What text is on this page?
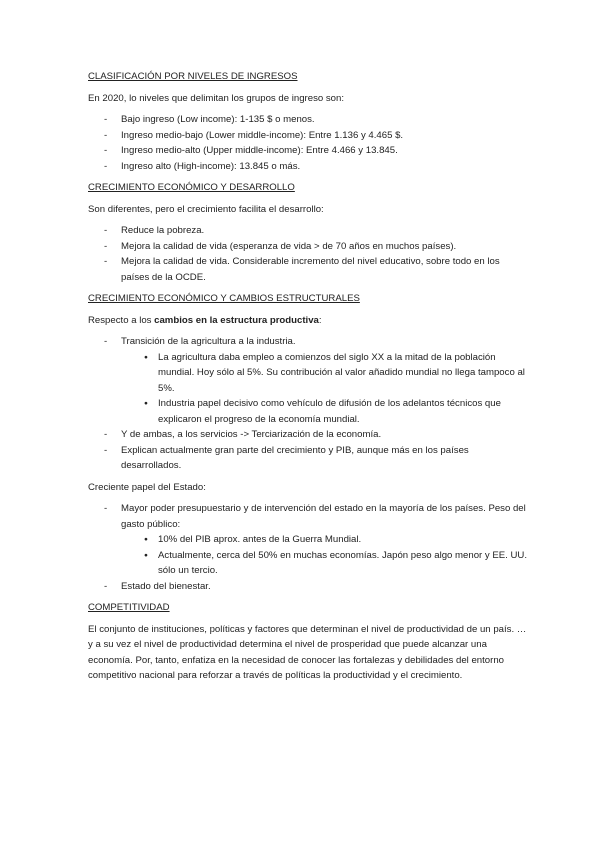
CLASIFICACIÓN POR NIVELES DE INGRESOS

En 2020, lo niveles que delimitan los grupos de ingreso son:

- Bajo ingreso (Low income): 1-135 $ o menos.
- Ingreso medio-bajo (Lower middle-income): Entre 1.136 y 4.465 $.
- Ingreso medio-alto (Upper middle-income): Entre 4.466 y 13.845.
- Ingreso alto (High-income): 13.845 o más.
CRECIMIENTO ECONÓMICO Y DESARROLLO

Son diferentes, pero el crecimiento facilita el desarrollo:

- Reduce la pobreza.
- Mejora la calidad de vida (esperanza de vida > de 70 años en muchos países).
- Mejora la calidad de vida. Considerable incremento del nivel educativo, sobre todo en los países de la OCDE.
CRECIMIENTO ECONÓMICO Y CAMBIOS ESTRUCTURALES

Respecto a los cambios en la estructura productiva:

- Transición de la agricultura a la industria.
● La agricultura daba empleo a comienzos del siglo XX a la mitad de la población mundial. Hoy sólo al 5%. Su contribución al valor añadido mundial no llega tampoco al 5%.
● Industria papel decisivo como vehículo de difusión de los adelantos técnicos que explicaron el progreso de la economía mundial.
- Y de ambas, a los servicios -> Terciarización de la economía.
- Explican actualmente gran parte del crecimiento y PIB, aunque más en los países desarrollados.

Creciente papel del Estado:

- Mayor poder presupuestario y de intervención del estado en la mayoría de los países. Peso del gasto público:
● 10% del PIB aprox. antes de la Guerra Mundial.
● Actualmente, cerca del 50% en muchas economías. Japón peso algo menor y EE. UU. sólo un tercio.
- Estado del bienestar.
COMPETITIVIDAD

El conjunto de instituciones, políticas y factores que determinan el nivel de productividad de un país. … y a su vez el nivel de productividad determina el nivel de prosperidad que puede alcanzar una economía. Por, tanto, enfatiza en la necesidad de conocer las fortalezas y debilidades del entorno competitivo nacional para reforzar a través de políticas la productividad y el crecimiento.
